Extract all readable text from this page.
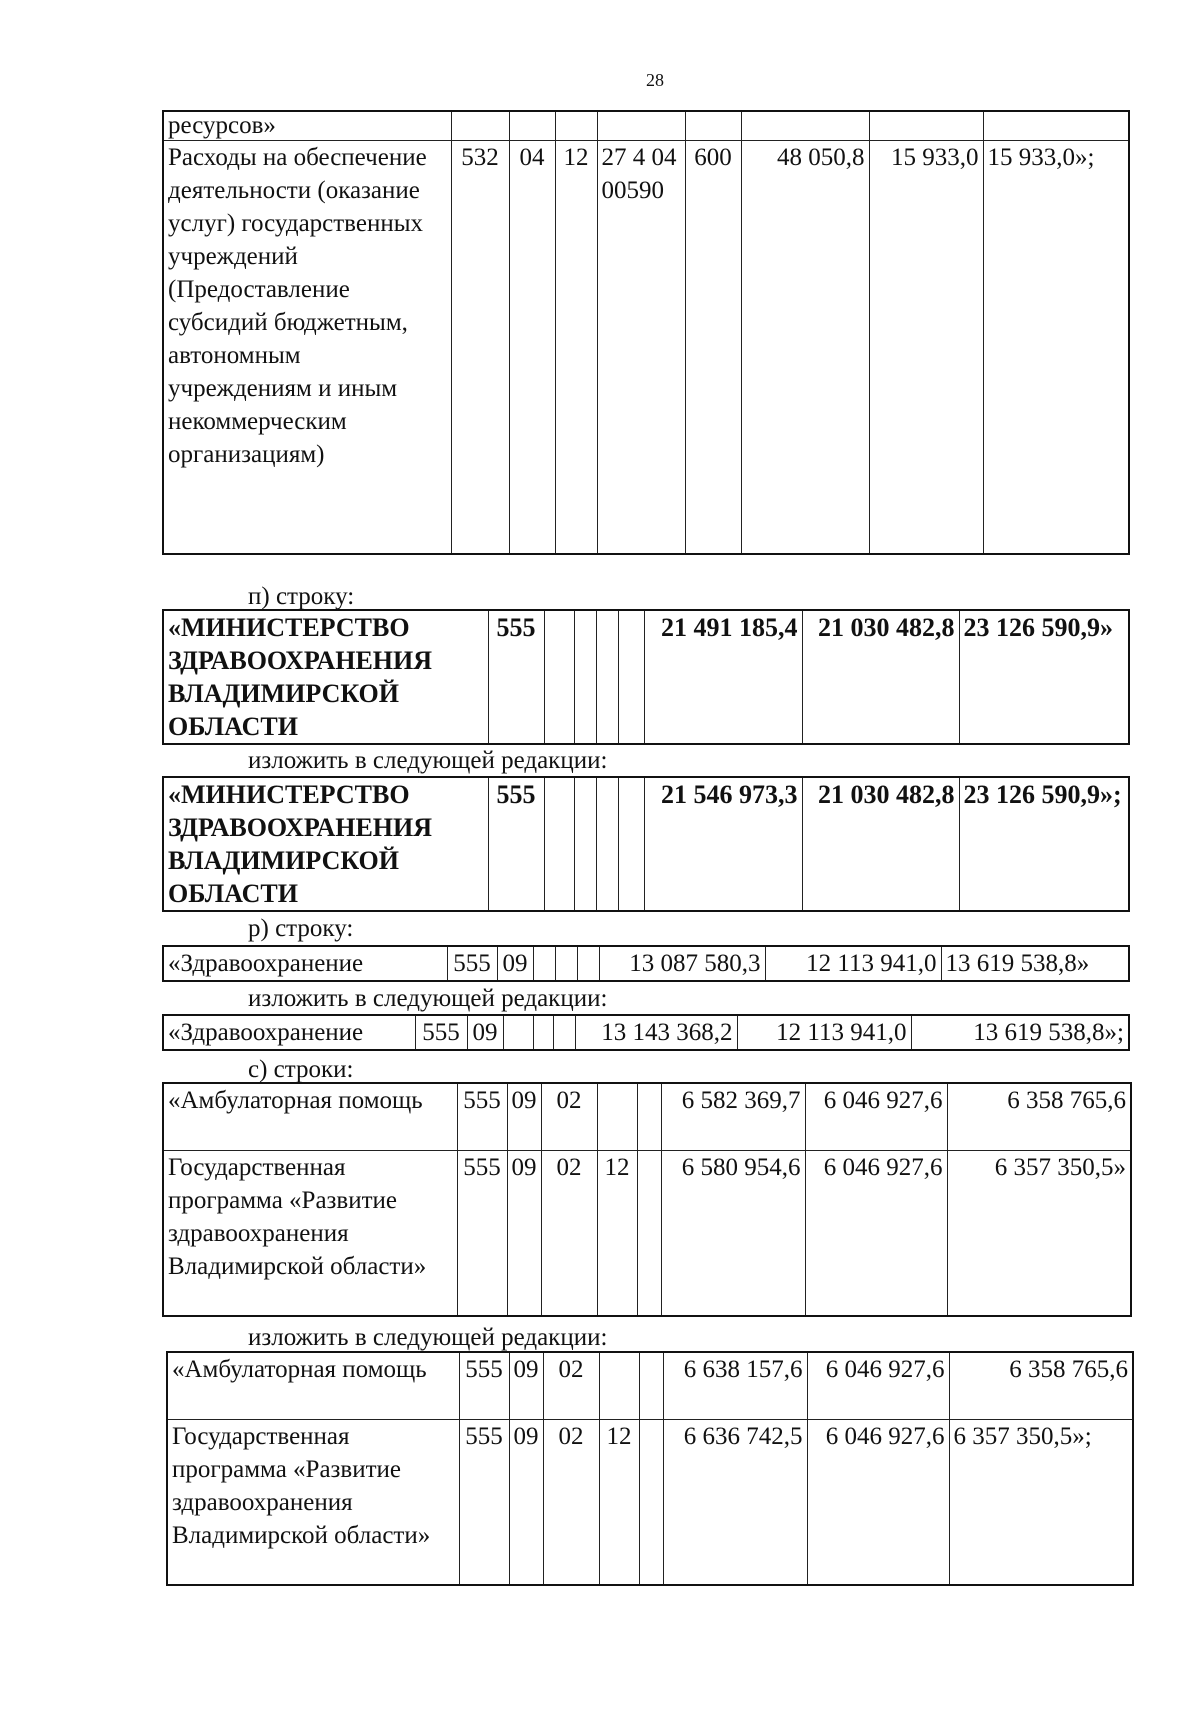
28
ресурсов»								
Расходы на обеспечение деятельности (оказание услуг) государственных учреждений (Предоставление субсидий бюджетным, автономным учреждениям и иным некоммерческим организациям)	532	04	12	27 4 04 00590	600	48 050,8	15 933,0	15 933,0»;
п) строку:
«МИНИСТЕРСТВО ЗДРАВООХРАНЕНИЯ ВЛАДИМИРСКОЙ ОБЛАСТИ	555					21 491 185,4	21 030 482,8	23 126 590,9»
изложить в следующей редакции:
«МИНИСТЕРСТВО ЗДРАВООХРАНЕНИЯ ВЛАДИМИРСКОЙ ОБЛАСТИ	555					21 546 973,3	21 030 482,8	23 126 590,9»;
р) строку:
«Здравоохранение	555	09				13 087 580,3	12 113 941,0	13 619 538,8»
изложить в следующей редакции:
«Здравоохранение	555	09				13 143 368,2	12 113 941,0	13 619 538,8»;
с) строки:
«Амбулаторная помощь	555	09	02			6 582 369,7	6 046 927,6	6 358 765,6
Государственная программа «Развитие здравоохранения Владимирской области»	555	09	02	12		6 580 954,6	6 046 927,6	6 357 350,5»
изложить в следующей редакции:
«Амбулаторная помощь	555	09	02			6 638 157,6	6 046 927,6	6 358 765,6
Государственная программа «Развитие здравоохранения Владимирской области»	555	09	02	12		6 636 742,5	6 046 927,6	6 357 350,5»;
